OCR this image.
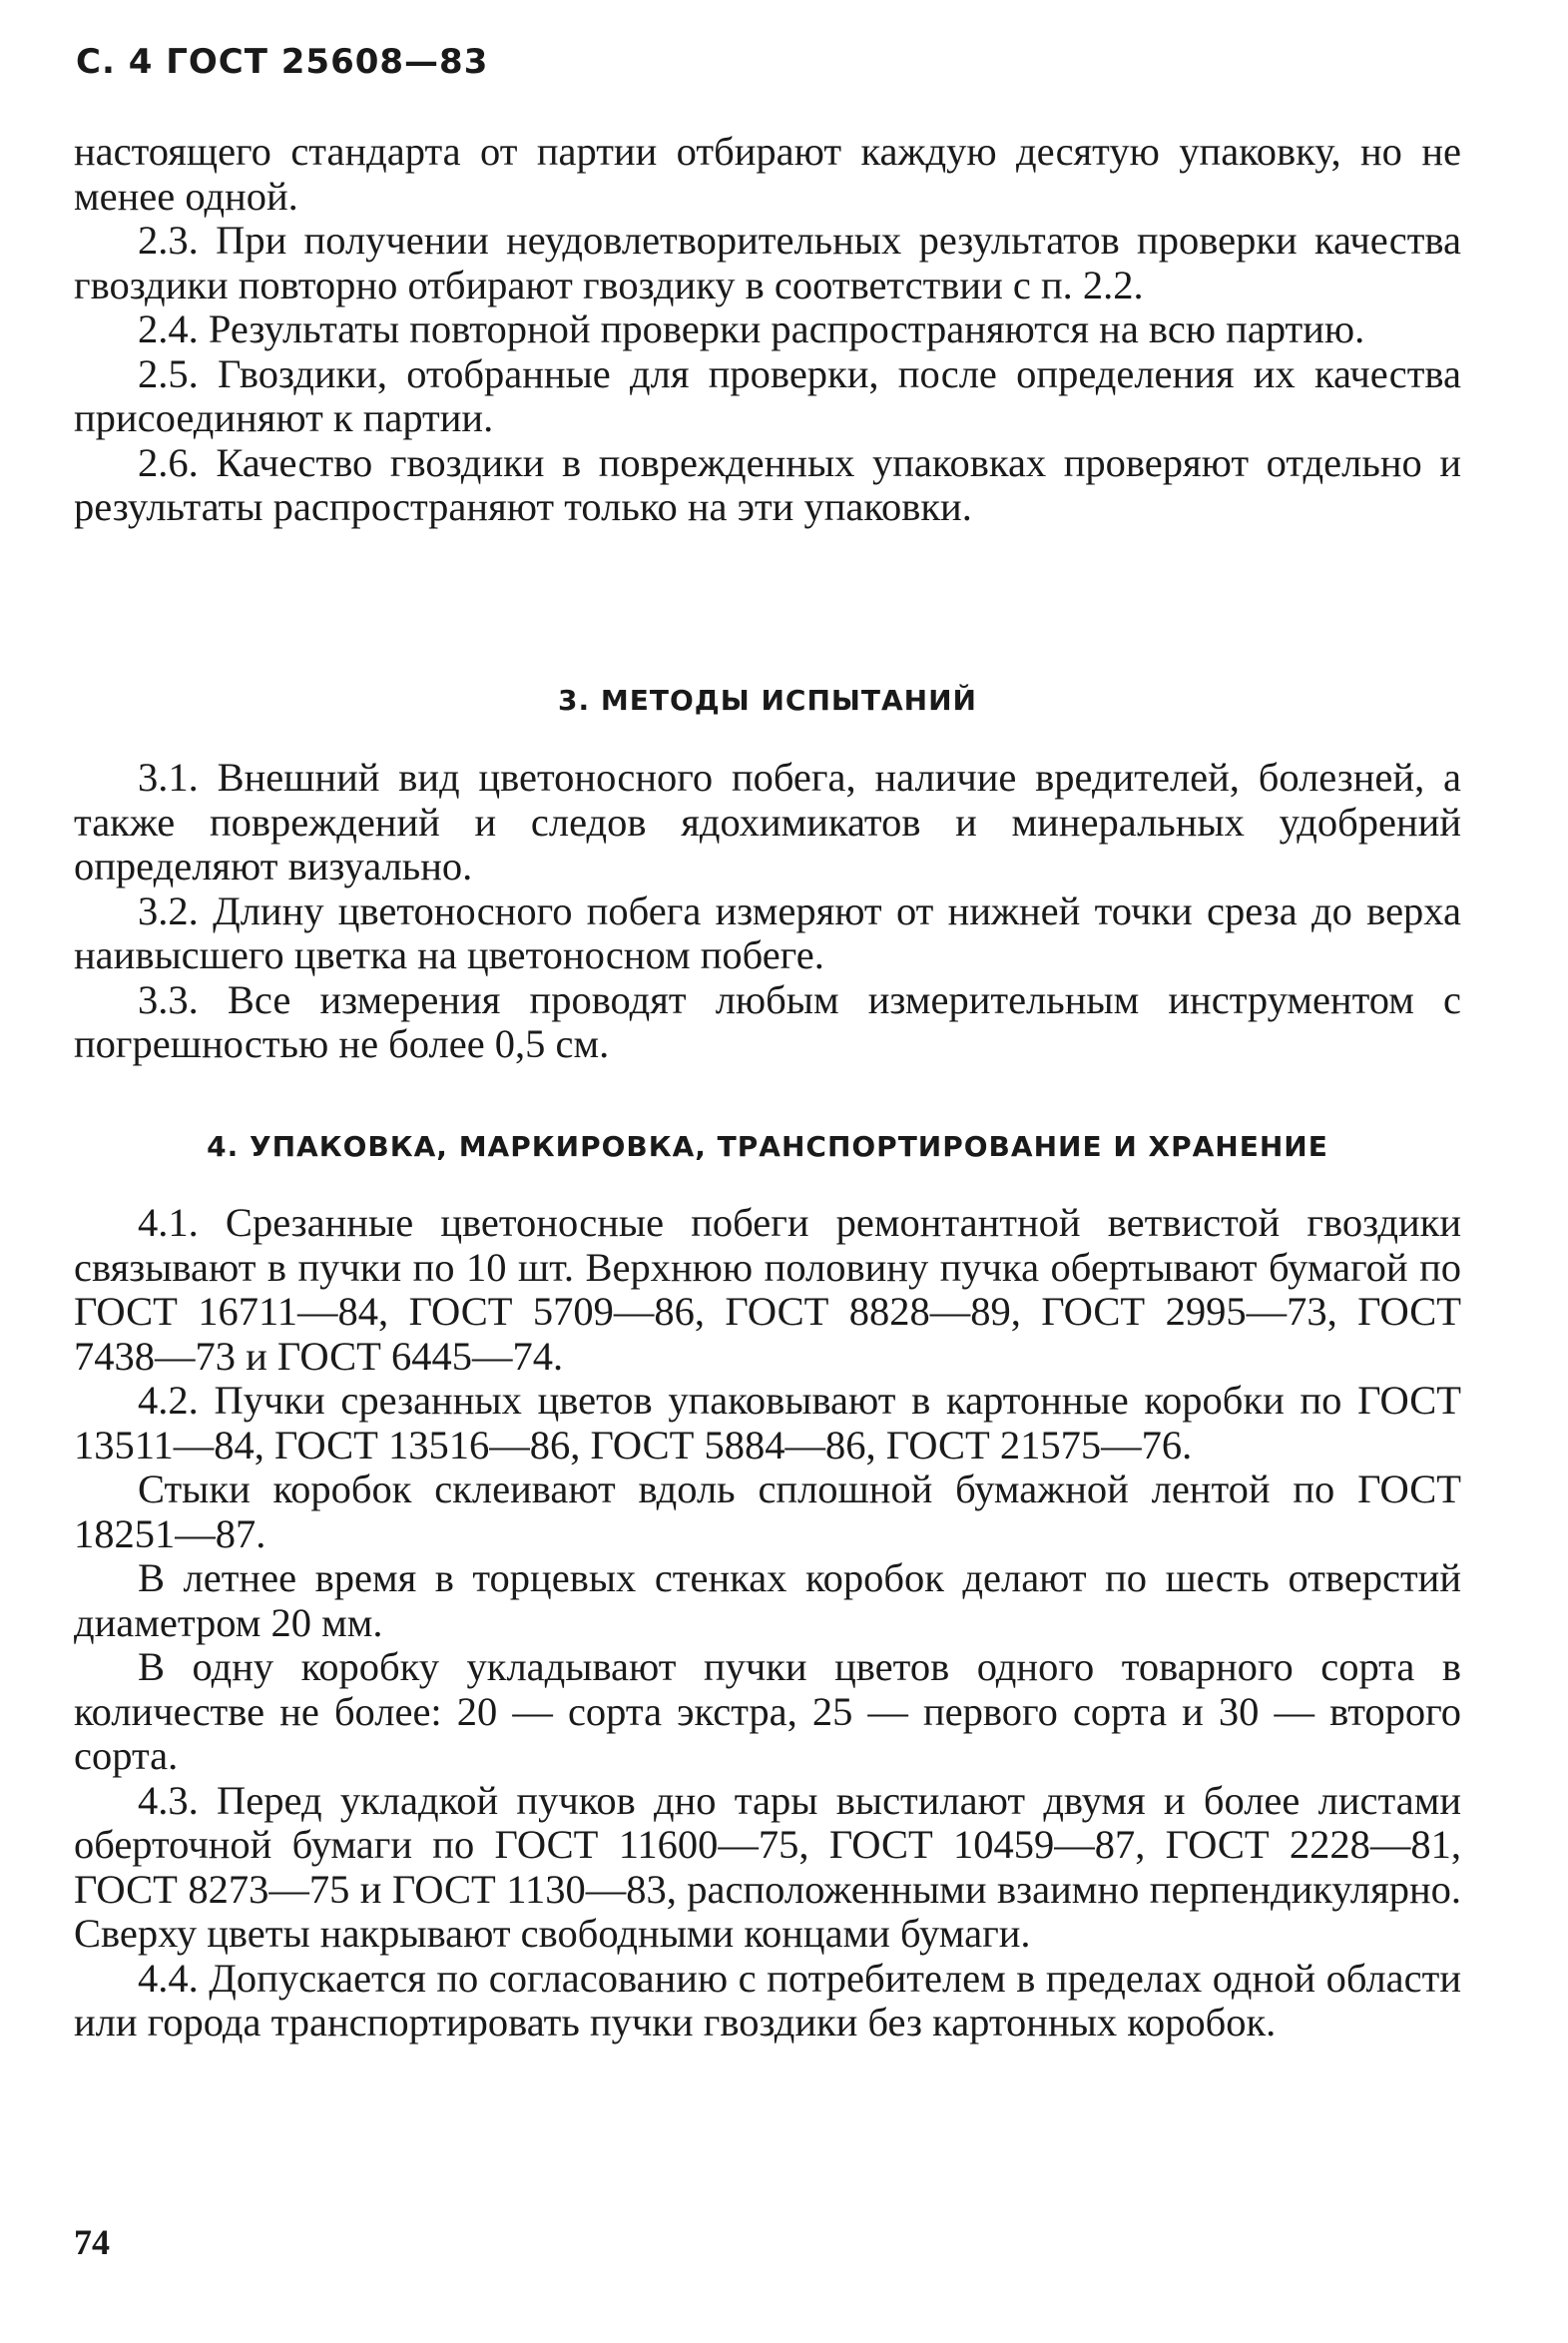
С. 4 ГОСТ 25608—83

настоящего стандарта от партии отбирают каждую десятую упаковку, но не менее одной.

2.3. При получении неудовлетворительных результатов проверки качества гвоздики повторно отбирают гвоздику в соответствии с п. 2.2.

2.4. Результаты повторной проверки распространяются на всю партию.

2.5. Гвоздики, отобранные для проверки, после определения их качества присоединяют к партии.

2.6. Качество гвоздики в поврежденных упаковках проверяют отдельно и результаты распространяют только на эти упаковки.

3. МЕТОДЫ ИСПЫТАНИЙ

3.1. Внешний вид цветоносного побега, наличие вредителей, болезней, а также повреждений и следов ядохимикатов и минеральных удобрений определяют визуально.

3.2. Длину цветоносного побега измеряют от нижней точки среза до верха наивысшего цветка на цветоносном побеге.

3.3. Все измерения проводят любым измерительным инструментом с погрешностью не более 0,5 см.

4. УПАКОВКА, МАРКИРОВКА, ТРАНСПОРТИРОВАНИЕ И ХРАНЕНИЕ

4.1. Срезанные цветоносные побеги ремонтантной ветвистой гвоздики связывают в пучки по 10 шт. Верхнюю половину пучка обертывают бумагой по ГОСТ 16711—84, ГОСТ 5709—86, ГОСТ 8828—89, ГОСТ 2995—73, ГОСТ 7438—73 и ГОСТ 6445—74.

4.2. Пучки срезанных цветов упаковывают в картонные коробки по ГОСТ 13511—84, ГОСТ 13516—86, ГОСТ 5884—86, ГОСТ 21575—76.

Стыки коробок склеивают вдоль сплошной бумажной лентой по ГОСТ 18251—87.

В летнее время в торцевых стенках коробок делают по шесть отверстий диаметром 20 мм.

В одну коробку укладывают пучки цветов одного товарного сорта в количестве не более: 20 — сорта экстра, 25 — первого сорта и 30 — второго сорта.

4.3. Перед укладкой пучков дно тары выстилают двумя и более листами оберточной бумаги по ГОСТ 11600—75, ГОСТ 10459—87, ГОСТ 2228—81, ГОСТ 8273—75 и ГОСТ 1130—83, расположенными взаимно перпендикулярно. Сверху цветы накрывают свободными концами бумаги.

4.4. Допускается по согласованию с потребителем в пределах одной области или города транспортировать пучки гвоздики без картонных коробок.

74
